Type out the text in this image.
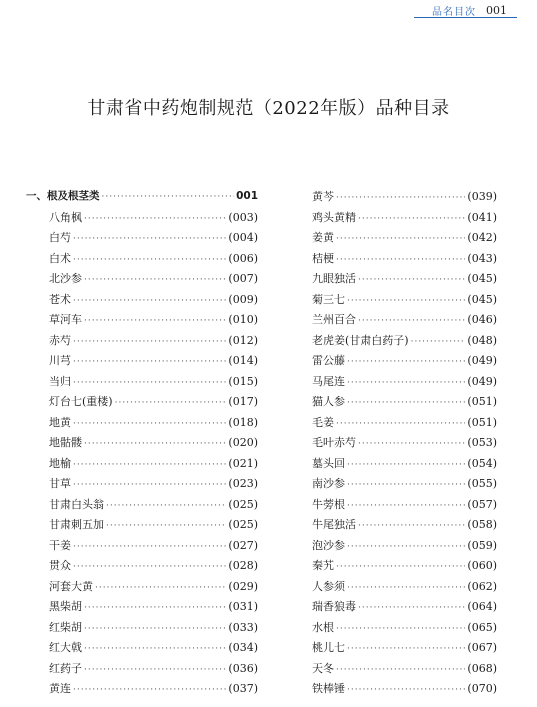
品名目次 001
甘肃省中药炮制规范（2022年版）品种目录
一、根及根茎类 ·····	001
八角枫 ·····	(003)
白芍 ·····	(004)
白术 ·····	(006)
北沙参 ·····	(007)
苍术 ·····	(009)
草河车 ·····	(010)
赤芍 ·····	(012)
川芎 ·····	(014)
当归 ·····	(015)
灯台七(重楼) ·····	(017)
地黄 ·····	(018)
地骷髅 ·····	(020)
地榆 ·····	(021)
甘草 ·····	(023)
甘肃白头翁 ·····	(025)
甘肃刺五加 ·····	(025)
干姜 ·····	(027)
贯众 ·····	(028)
河套大黄 ·····	(029)
黑柴胡 ·····	(031)
红柴胡 ·····	(033)
红大戟 ·····	(034)
红药子 ·····	(036)
黄连 ·····	(037)
黄芩 ·····	(039)
鸡头黄精 ·····	(041)
姜黄 ·····	(042)
桔梗 ·····	(043)
九眼独活 ·····	(045)
菊三七 ·····	(045)
兰州百合 ·····	(046)
老虎姜(甘肃白药子) ·····	(048)
雷公藤 ·····	(049)
马尾连 ·····	(049)
猫人参 ·····	(051)
毛姜 ·····	(051)
毛叶赤芍 ·····	(053)
墓头回 ·····	(054)
南沙参 ·····	(055)
牛蒡根 ·····	(057)
牛尾独活 ·····	(058)
泡沙参 ·····	(059)
秦艽 ·····	(060)
人参须 ·····	(062)
瑞香狼毒 ·····	(064)
水根 ·····	(065)
桃儿七 ·····	(067)
天冬 ·····	(068)
铁棒锤 ·····	(070)
